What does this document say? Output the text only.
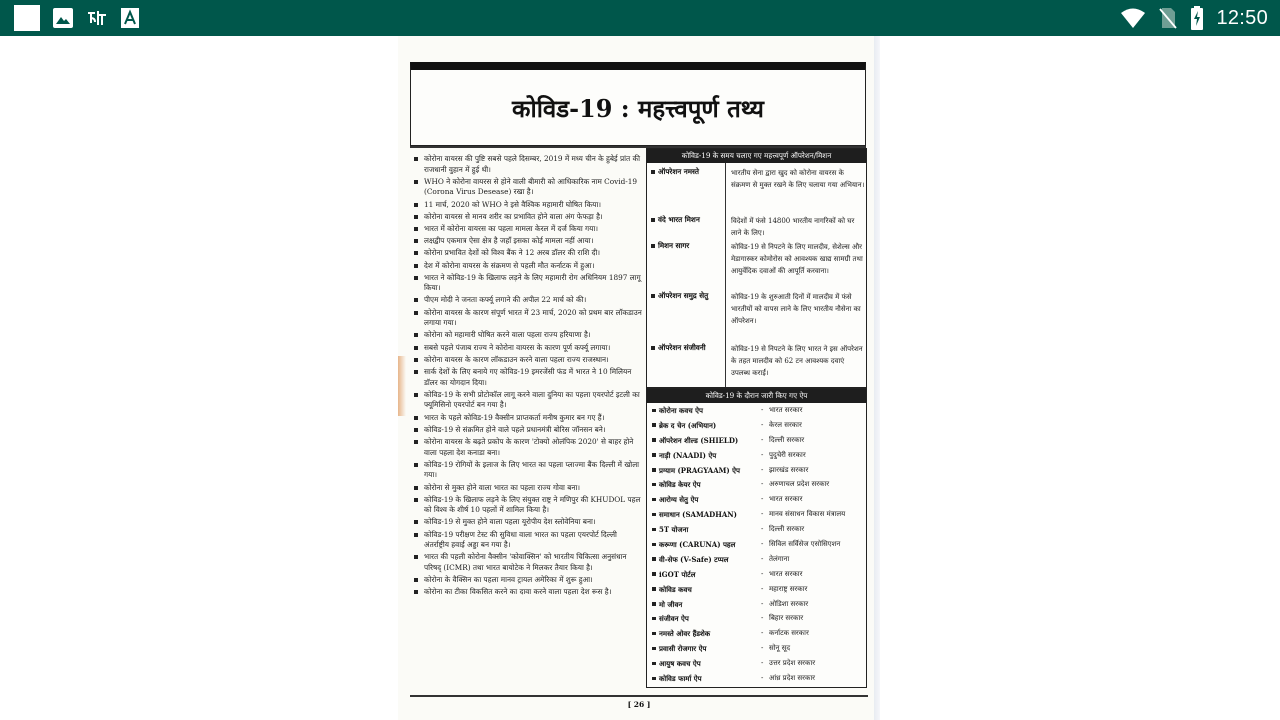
12:50
कोविड-19 : महत्त्वपूर्ण तथ्य
कोरोना वायरस की पुष्टि सबसे पहले दिसम्बर, 2019 में मध्य चीन के हुबेई प्रांत की राजधानी वुहान में हुई थी।
WHO ने कोरोना वायरस से होने वाली बीमारी को आधिकारिक नाम Covid-19 (Corona Virus Desease) रखा है।
11 मार्च, 2020 को WHO ने इसे वैश्विक महामारी घोषित किया।
कोरोना वायरस से मानव शरीर का प्रभावित होने वाला अंग फेफड़ा है।
भारत में कोरोना वायरस का पहला मामला केरल में दर्ज किया गया।
लक्षद्वीप एकमात्र ऐसा क्षेत्र है जहाँ इसका कोई मामला नहीं आया।
कोरोना प्रभावित देशों को विश्व बैंक ने 12 अरब डॉलर की राशि दी।
देश में कोरोना वायरस के संक्रमण से पहली मौत कर्नाटक में हुआ।
भारत ने कोविड-19 के खिलाफ लड़ने के लिए महामारी रोग अधिनियम 1897 लागू किया।
पीएम मोदी ने जनता कर्फ्यू लगाने की अपील 22 मार्च को की।
कोरोना वायरस के कारण संपूर्ण भारत में 23 मार्च, 2020 को प्रथम बार लॉकडाउन लगाया गया।
कोरोना को महामारी घोषित करने वाला पहला राज्य हरियाणा है।
सबसे पहले पंजाब राज्य ने कोरोना वायरस के कारण पूर्ण कर्फ्यू लगाया।
कोरोना वायरस के कारण लॉकडाउन करने वाला पहला राज्य राजस्थान।
सार्क देशों के लिए बनाये गए कोविड-19 इमरजेंसी फंड में भारत ने 10 मिलियन डॉलर का योगदान दिया।
कोविड-19 के सभी प्रोटोकॉल लागू करने वाला दुनिया का पहला एयरपोर्ट इटली का फ्यूमिसिनो एयरपोर्ट बन गया है।
भारत के पहले कोविड-19 वैक्सीन प्राप्तकर्ता मनीष कुमार बन गए हैं।
कोविड-19 से संक्रमित होने वाले पहले प्रधानमंत्री बोरिस जॉनसन बने।
कोरोना वायरस के बढ़ते प्रकोप के कारण 'टोक्यो ओलंपिक 2020' से बाहर होने वाला पहला देश कनाडा बना।
कोविड-19 रोगियों के इलाज के लिए भारत का पहला प्लाज्मा बैंक दिल्ली में खोला गया।
कोरोना से मुक्त होने वाला भारत का पहला राज्य गोवा बना।
कोविड-19 के खिलाफ लड़ने के लिए संयुक्त राष्ट्र ने मणिपुर की KHUDOL पहल को विश्व के शीर्ष 10 पहलों में शामिल किया है।
कोविड-19 से मुक्त होने वाला पहला यूरोपीय देश स्लोवेनिया बना।
कोविड-19 परीक्षण टेस्ट की सुविधा वाला भारत का पहला एयरपोर्ट दिल्ली अंतर्राष्ट्रीय हवाई अड्डा बन गया है।
भारत की पहली कोरोना वैक्सीन 'कोवाक्सिन' को भारतीय चिकित्सा अनुसंधान परिषद् (ICMR) तथा भारत बायोटेक ने मिलकर तैयार किया है।
कोरोना के वैक्सिन का पहला मानव ट्रायल अमेरिका में शुरू हुआ।
कोरोना का टीका विकसित करने का दावा करने वाला पहला देश रूस है।
कोविड-19 के समय चलाए गए महत्त्वपूर्ण ऑपरेशन/मिशन
ऑपरेशन नमस्ते	भारतीय सेना द्वारा खुद को कोरोना वायरस के संक्रमण से मुक्त रखने के लिए चलाया गया अभियान।
वंदे भारत मिशन	विदेशों में फंसे 14800 भारतीय नागरिकों को घर लाने के लिए।
मिशन सागर	कोविड-19 से निपटने के लिए मालदीव, सेशेल्स और मेडागास्कर कोमोरोस को आवश्यक खाद्य सामग्री तथा आयुर्वेदिक दवाओं की आपूर्ति करवाना।
ऑपरेशन समुद्र सेतु	कोविड-19 के शुरुआती दिनों में मालदीव में फंसे भारतीयों को वापस लाने के लिए भारतीय नौसेना का ऑपरेशन।
ऑपरेशन संजीवनी	कोविड-19 से निपटने के लिए भारत ने इस ऑपरेशन के तहत मालदीव को 62 टन आवश्यक दवाएं उपलब्ध कराईं।
कोविड-19 के दौरान जारी किए गए ऐप
कोरोना कवच ऐप	- भारत सरकार
ब्रेक द चेन (अभियान)	- केरल सरकार
ऑपरेशन शील्ड (SHIELD)	- दिल्ली सरकार
नाड़ी (NAADI) ऐप	- पुदुचेरी सरकार
प्रग्याम (PRAGYAAM) ऐप	- झारखंड सरकार
कोविड केयर ऐप	- अरुणाचल प्रदेश सरकार
आरोग्य सेतु ऐप	- भारत सरकार
समाधान (SAMADHAN)	- मानव संसाधन विकास मंत्रालय
5T योजना	- दिल्ली सरकार
करूणा (CARUNA) पहल	- सिविल सर्विसेज एसोसिएशन
वी-सेफ (V-Safe) टप्पल	- तेलंगाना
iGOT पोर्टल	- भारत सरकार
कोविड कवच	- महाराष्ट्र सरकार
मो जीवन	- ओडिशा सरकार
संजीवन ऐप	- बिहार सरकार
नमस्ते ओवर हैंडशेक	- कर्नाटक सरकार
प्रवासी रोजगार ऐप	- सोनू सूद
आयुष कवच ऐप	- उत्तर प्रदेश सरकार
कोविड फार्मा ऐप	- आंध्र प्रदेश सरकार
[ 26 ]
